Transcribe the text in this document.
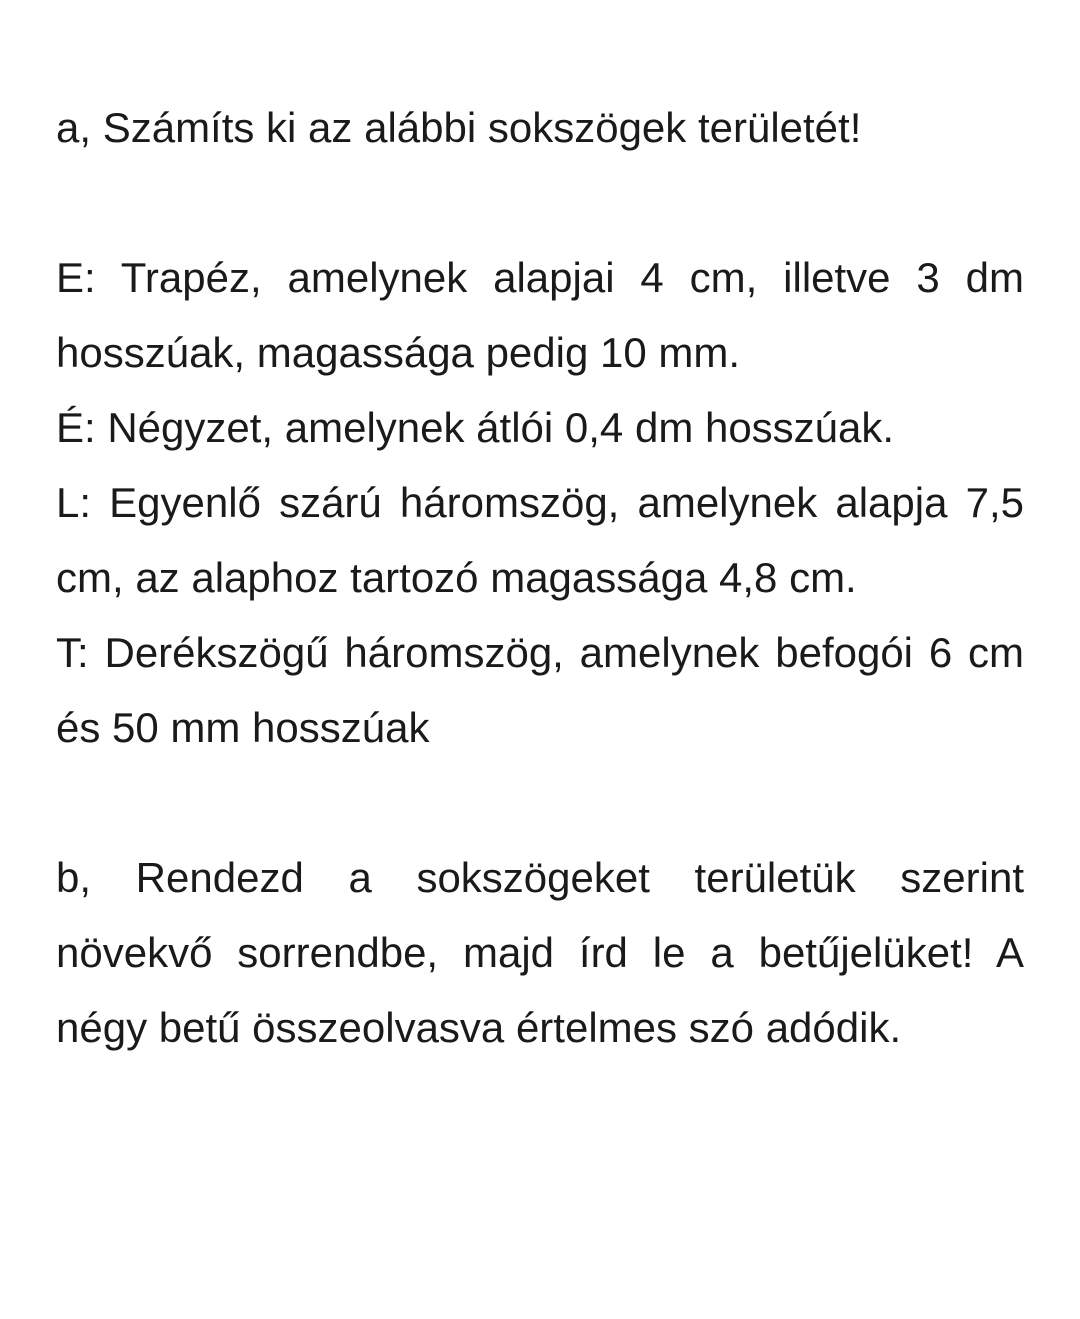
a, Számíts ki az alábbi sokszögek területét!

E: Trapéz, amelynek alapjai 4 cm, illetve 3 dm hosszúak, magassága pedig 10 mm.

É: Négyzet, amelynek átlói 0,4 dm hosszúak.

L: Egyenlő szárú háromszög, amelynek alapja 7,5 cm, az alaphoz tartozó magassága 4,8 cm.

T: Derékszögű háromszög, amelynek befogói 6 cm és 50 mm hosszúak

b, Rendezd a sokszögeket területük szerint növekvő sorrendbe, majd írd le a betűjelüket! A négy betű összeolvasva értelmes szó adódik.
